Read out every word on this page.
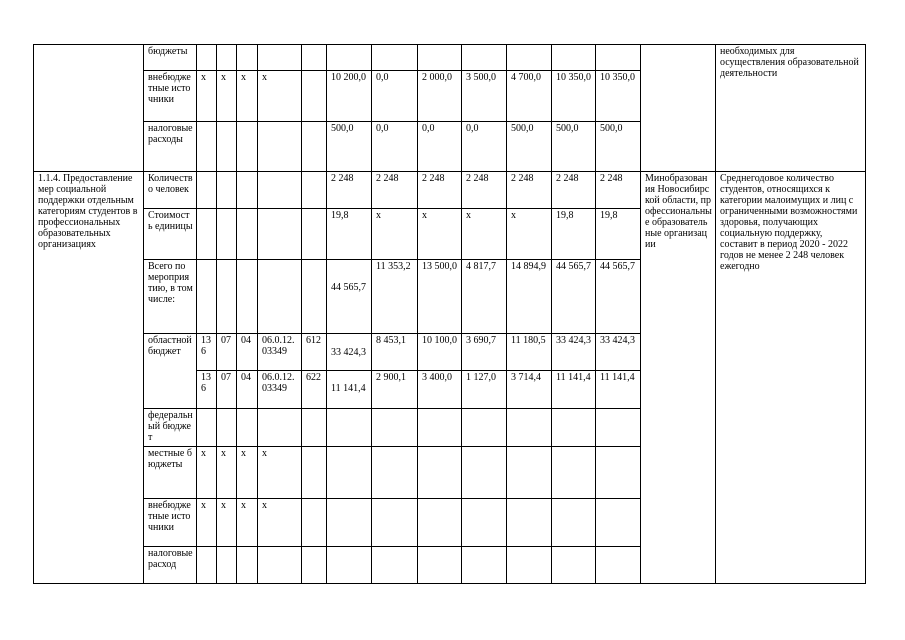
	бюджеты														необходимых для осуществления образовательной деятельности
	внебюджетные источники	x	x	x	x		10 200,0	0,0	2 000,0	3 500,0	4 700,0	10 350,0	10 350,0		
	налоговые расходы						500,0	0,0	0,0	0,0	500,0	500,0	500,0		
1.1.4. Предоставление мер социальной поддержки отдельным категориям студентов в профессиональных образовательных организациях	Количество человек						2 248	2 248	2 248	2 248	2 248	2 248	2 248	Минобразования Новосибирской области, профессиональные образовательные организации	Среднегодовое количество студентов, относящихся к категории малоимущих и лиц с ограниченными возможностями здоровья, получающих социальную поддержку, составит в период 2020 - 2022 годов не менее 2 248 человек ежегодно
	Стоимость единицы						19,8	x	x	x	x	19,8	19,8		
	Всего по мероприятию, в том числе:						44 565,7	11 353,2	13 500,0	4 817,7	14 894,9	44 565,7	44 565,7		
	областной бюджет	136	07	04	06.0.12.03349	612	33 424,3	8 453,1	10 100,0	3 690,7	11 180,5	33 424,3	33 424,3		
		136	07	04	06.0.12.03349	622	11 141,4	2 900,1	3 400,0	1 127,0	3 714,4	11 141,4	11 141,4		
	федеральный бюджет														
	местные бюджеты	x	x	x	x										
	внебюджетные источники	x	x	x	x										
	налоговые расход														
